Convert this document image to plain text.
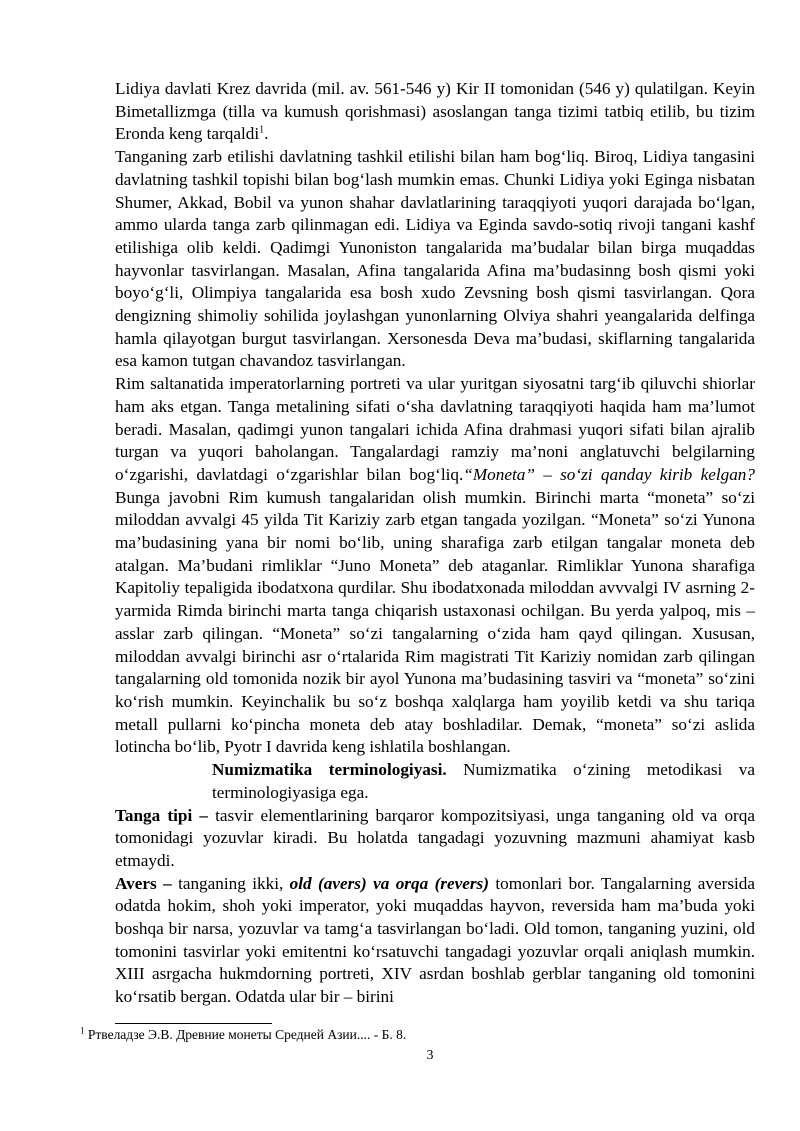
Lidiya davlati Krez davrida (mil. av. 561-546 y) Kir II tomonidan (546 y) qulatilgan. Keyin Bimetallizmga (tilla va kumush qorishmasi) asoslangan tanga tizimi tatbiq etilib, bu tizim Eronda keng tarqaldi$^1$.

Tanganing zarb etilishi davlatning tashkil etilishi bilan ham bog‘liq. Biroq, Lidiya tangasini davlatning tashkil topishi bilan bog‘lash mumkin emas. Chunki Lidiya yoki Eginga nisbatan Shumer, Akkad, Bobil va yunon shahar davlatlarining taraqqiyoti yuqori darajada bo‘lgan, ammo ularda tanga zarb qilinmagan edi. Lidiya va Eginda savdo-sotiq rivoji tangani kashf etilishiga olib keldi. Qadimgi Yunoniston tangalarida ma’budalar bilan birga muqaddas hayvonlar tasvirlangan. Masalan, Afina tangalarida Afina ma’budasinng bosh qismi yoki boyo‘g‘li, Olimpiya tangalarida esa bosh xudo Zevsning bosh qismi tasvirlangan. Qora dengizning shimoliy sohilida joylashgan yunonlarning Olviya shahri yeangalarida delfinga hamla qilayotgan burgut tasvirlangan. Xersonesda Deva ma’budasi, skiflarning tangalarida esa kamon tutgan chavandoz tasvirlangan.

Rim saltanatida imperatorlarning portreti va ular yuritgan siyosatni targ‘ib qiluvchi shiorlar ham aks etgan. Tanga metalining sifati o‘sha davlatning taraqqiyoti haqida ham ma’lumot beradi. Masalan, qadimgi yunon tangalari ichida Afina drahmasi yuqori sifati bilan ajralib turgan va yuqori baholangan. Tangalardagi ramziy ma’noni anglatuvchi belgilarning o‘zgarishi, davlatdagi o‘zgarishlar bilan bog‘liq.“Moneta” – so‘zi qanday kirib kelgan? Bunga javobni Rim kumush tangalaridan olish mumkin. Birinchi marta “moneta” so‘zi miloddan avvalgi 45 yilda Tit Kariziy zarb etgan tangada yozilgan. “Moneta” so‘zi Yunona ma’budasining yana bir nomi bo‘lib, uning sharafiga zarb etilgan tangalar moneta deb atalgan. Ma’budani rimliklar “Juno Moneta” deb ataganlar. Rimliklar Yunona sharafiga Kapitoliy tepaligida ibodatxona qurdilar. Shu ibodatxonada miloddan avvvalgi IV asrning 2-yarmida Rimda birinchi marta tanga chiqarish ustaxonasi ochilgan. Bu yerda yalpoq, mis – asslar zarb qilingan. “Moneta” so‘zi tangalarning o‘zida ham qayd qilingan. Xususan, miloddan avvalgi birinchi asr o‘rtalarida Rim magistrati Tit Kariziy nomidan zarb qilingan tangalarning old tomonida nozik bir ayol Yunona ma’budasining tasviri va “moneta” so‘zini ko‘rish mumkin. Keyinchalik bu so‘z boshqa xalqlarga ham yoyilib ketdi va shu tariqa metall pullarni ko‘pincha moneta deb atay boshladilar. Demak, “moneta” so‘zi aslida lotincha bo‘lib, Pyotr I davrida keng ishlatila boshlangan.

Numizmatika terminologiyasi. Numizmatika o‘zining metodikasi va terminologiyasiga ega.

Tanga tipi – tasvir elementlarining barqaror kompozitsiyasi, unga tanganing old va orqa tomonidagi yozuvlar kiradi. Bu holatda tangadagi yozuvning mazmuni ahamiyat kasb etmaydi.

Avers – tanganing ikki, old (avers) va orqa (revers) tomonlari bor. Tangalarning aversida odatda hokim, shoh yoki imperator, yoki muqaddas hayvon, reversida ham ma’buda yoki boshqa bir narsa, yozuvlar va tamg‘a tasvirlangan bo‘ladi. Old tomon, tanganing yuzini, old tomonini tasvirlar yoki emitentni ko‘rsatuvchi tangadagi yozuvlar orqali aniqlash mumkin. XIII asrgacha hukmdorning portreti, XIV asrdan boshlab gerblar tanganing old tomonini ko‘rsatib bergan. Odatda ular bir – birini

$^1$ Ртвеладзе Э.В. Древние монеты Средней Азии.... - Б. 8.
3
